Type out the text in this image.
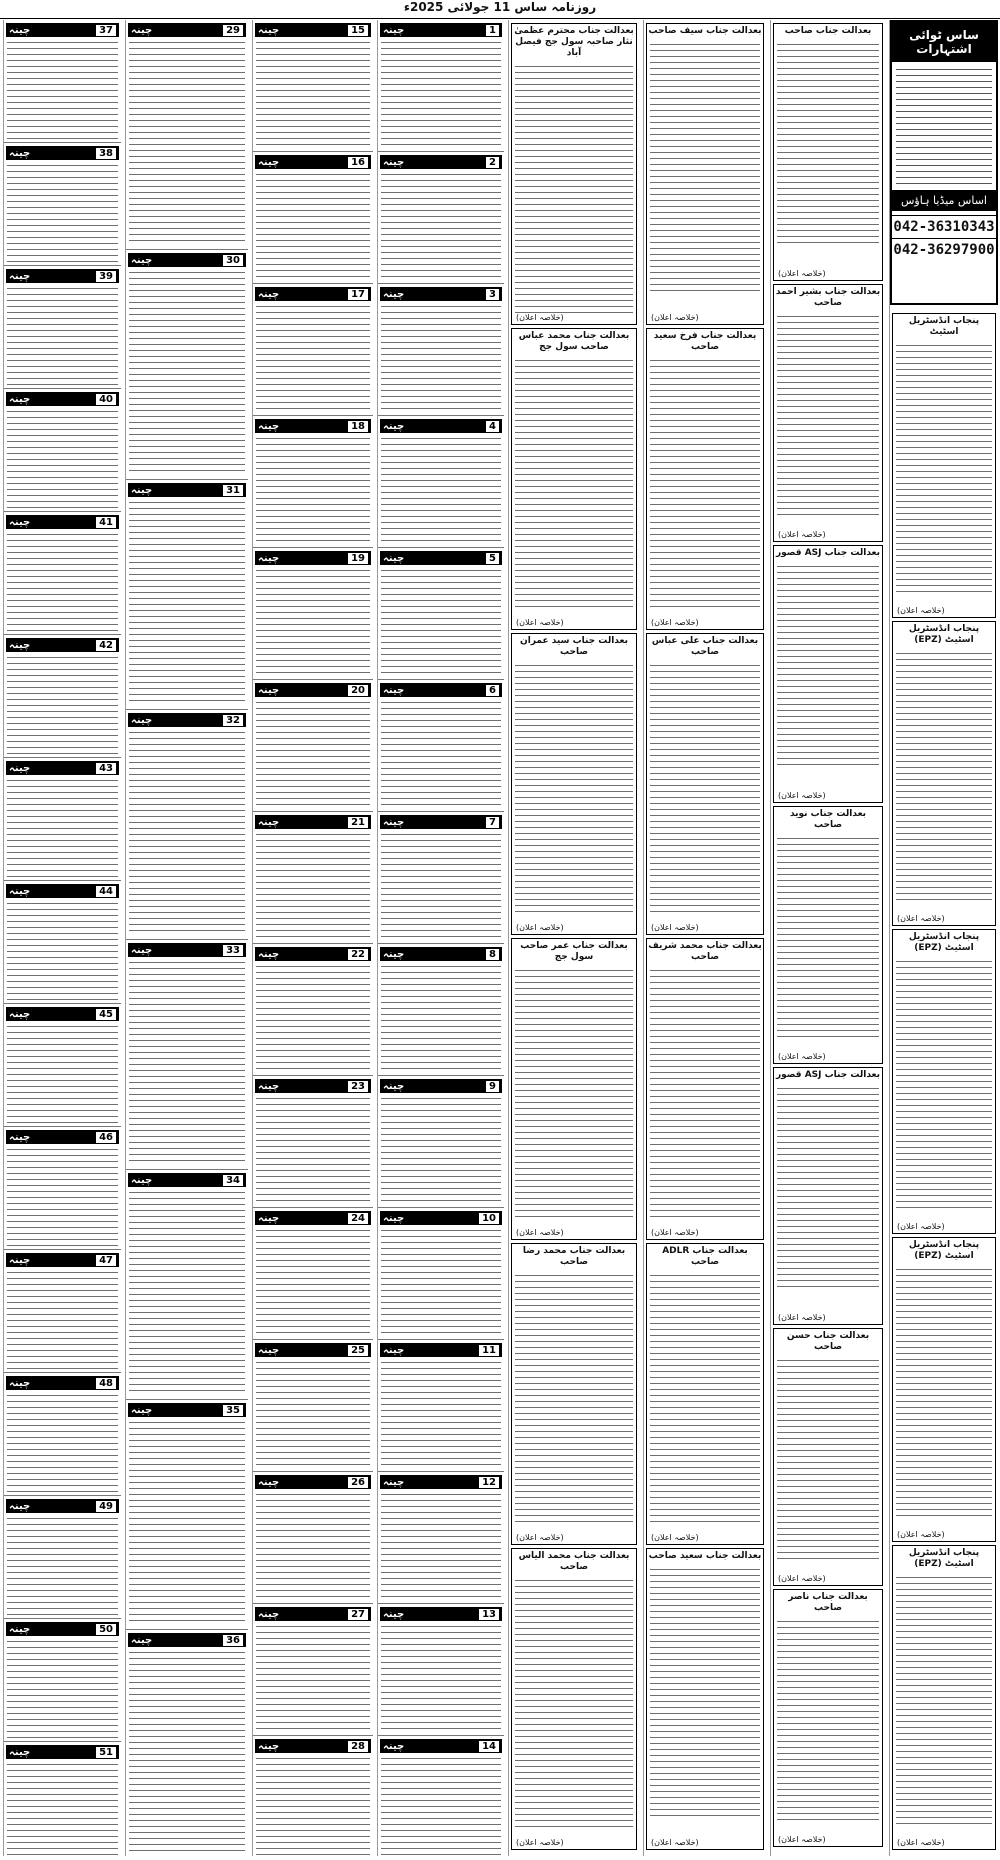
روزنامہ ساس 11 جولائی 2025ء
چینہ	37
چینہ	38
چینہ	39
چینہ	40
چینہ	41
چینہ	42
چینہ	43
چینہ	44
چینہ	45
چینہ	46
چینہ	47
چینہ	48
چینہ	49
چینہ	50
چینہ	51
چینہ	29
چینہ	30
چینہ	31
چینہ	32
چینہ	33
چینہ	34
چینہ	35
چینہ	36
چینہ	15
چینہ	16
چینہ	17
چینہ	18
چینہ	19
چینہ	20
چینہ	21
چینہ	22
چینہ	23
چینہ	24
چینہ	25
چینہ	26
چینہ	27
چینہ	28
چینہ	1
چینہ	2
چینہ	3
چینہ	4
چینہ	5
چینہ	6
چینہ	7
چینہ	8
چینہ	9
چینہ	10
چینہ	11
چینہ	12
چینہ	13
چینہ	14
بعدالت جناب محترم عظمیٰ نثار صاحبہ سول جج فیصل آباد
(خلاصہ اعلان)
بعدالت جناب محمد عباس صاحب سول جج
(خلاصہ اعلان)
بعدالت جناب سید عمران صاحب
(خلاصہ اعلان)
بعدالت جناب عمر صاحب سول جج
(خلاصہ اعلان)
بعدالت جناب محمد رضا صاحب
(خلاصہ اعلان)
بعدالت جناب محمد الیاس صاحب
(خلاصہ اعلان)
بعدالت جناب سیف صاحب
(خلاصہ اعلان)
بعدالت جناب فرخ سعید صاحب
(خلاصہ اعلان)
بعدالت جناب علی عباس صاحب
(خلاصہ اعلان)
بعدالت جناب محمد شریف صاحب
(خلاصہ اعلان)
بعدالت جناب ADLR صاحب
(خلاصہ اعلان)
بعدالت جناب سعید صاحب
(خلاصہ اعلان)
بعدالت جناب صاحب
(خلاصہ اعلان)
بعدالت جناب بشیر احمد صاحب
(خلاصہ اعلان)
بعدالت جناب ASJ قصور
(خلاصہ اعلان)
بعدالت جناب نوید صاحب
(خلاصہ اعلان)
بعدالت جناب ASJ قصور
(خلاصہ اعلان)
بعدالت جناب حسن صاحب
(خلاصہ اعلان)
بعدالت جناب ناصر صاحب
(خلاصہ اعلان)
ساس ٹوائی اشتہارات
اساس میڈیا ہاؤس
042-36310343
042-36297900
پنجاب انڈسٹریل اسٹیٹ
(خلاصہ اعلان)
پنجاب انڈسٹریل اسٹیٹ (EPZ)
(خلاصہ اعلان)
پنجاب انڈسٹریل اسٹیٹ (EPZ)
(خلاصہ اعلان)
پنجاب انڈسٹریل اسٹیٹ (EPZ)
(خلاصہ اعلان)
پنجاب انڈسٹریل اسٹیٹ (EPZ)
(خلاصہ اعلان)
